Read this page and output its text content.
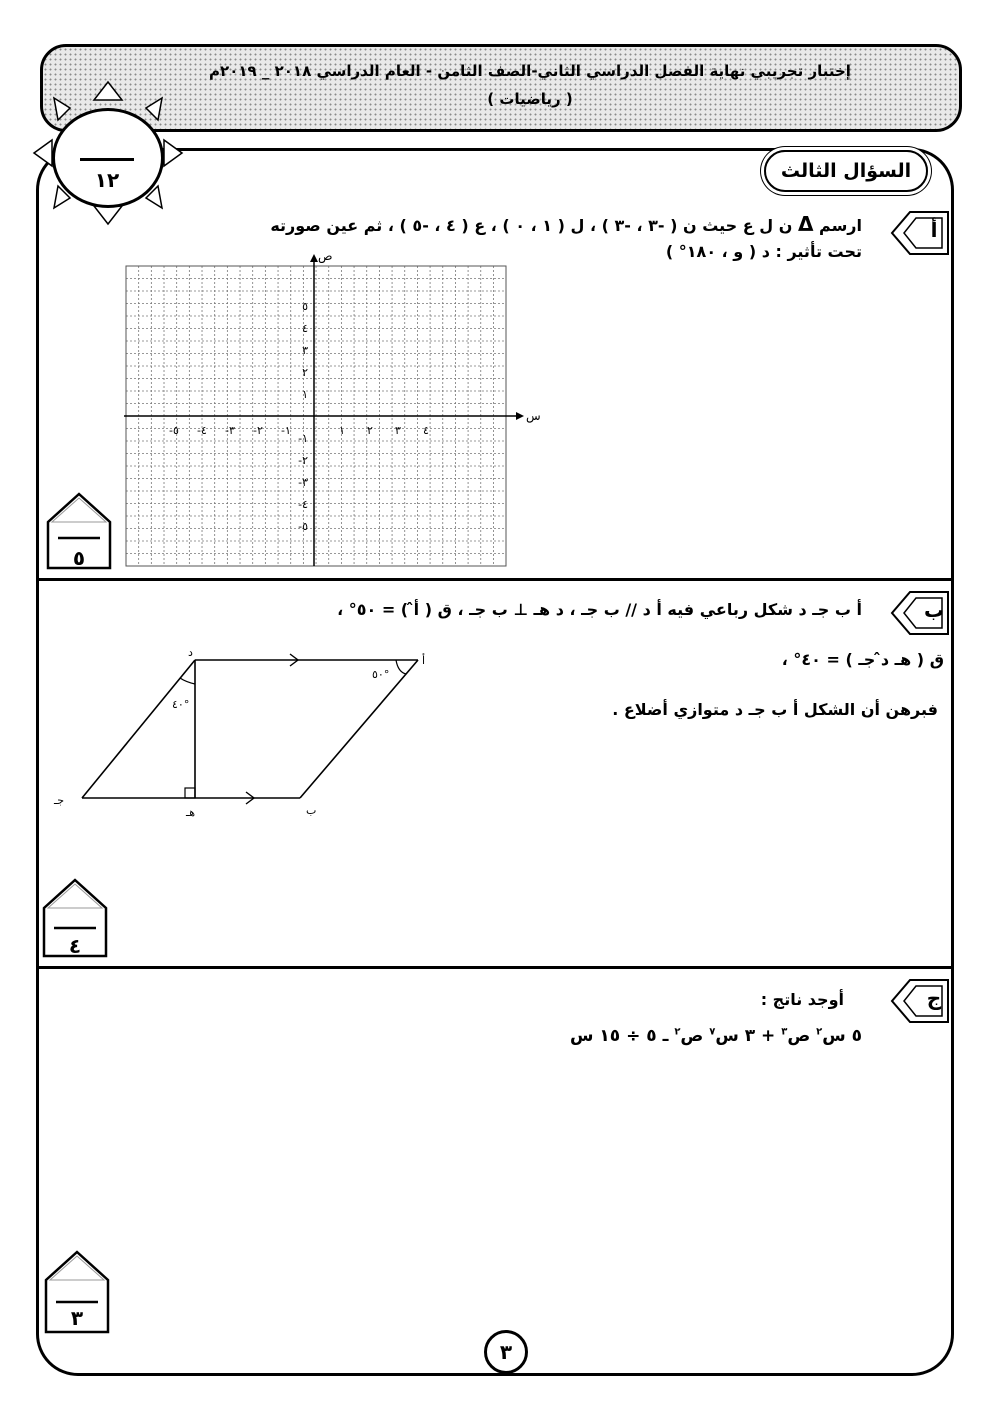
إختبار تجريبي نهاية الفصل الدراسي الثاني-الصف الثامن - العام الدراسي ٢٠١٨ _ ٢٠١٩م
( رياضيات )
١٢	السؤال الثالث
أ
ارسم Δ ن ل ع حيث ن ( -٣ ، -٣ ) ، ل ( ١ ، ٠ ) ، ع ( ٤ ، -٥ ) ، ثم عين صورته
تحت تأثير : د ( و ، ١٨٠° )
١ ٢ ٣ ٤
-١
-٢
-٣
-٤
-٥
١
٢
٣
٤
٥
-١
-٢
-٣
-٤
-٥
س
ص
٥
ب
أ ب جـ د شكل رباعي فيه أ د // ب جـ ، د هـ ⊥ ب جـ ، ق ( أ̂ ) = ٥٠° ،
ق ( هـ د̂ جـ ) = ٤٠° ،
فبرهن أن الشكل أ ب جـ د متوازي أضلاع .
أ
ب
جـ
د
هـ
٥٠°
٤٠°
٤
ج
أوجد ناتج :
٥ س$^٢$ ص$^٣$ + ٣ س$^٧$ ص$^٢$ ـ ٥ ÷ ١٥ س
٣
٣
